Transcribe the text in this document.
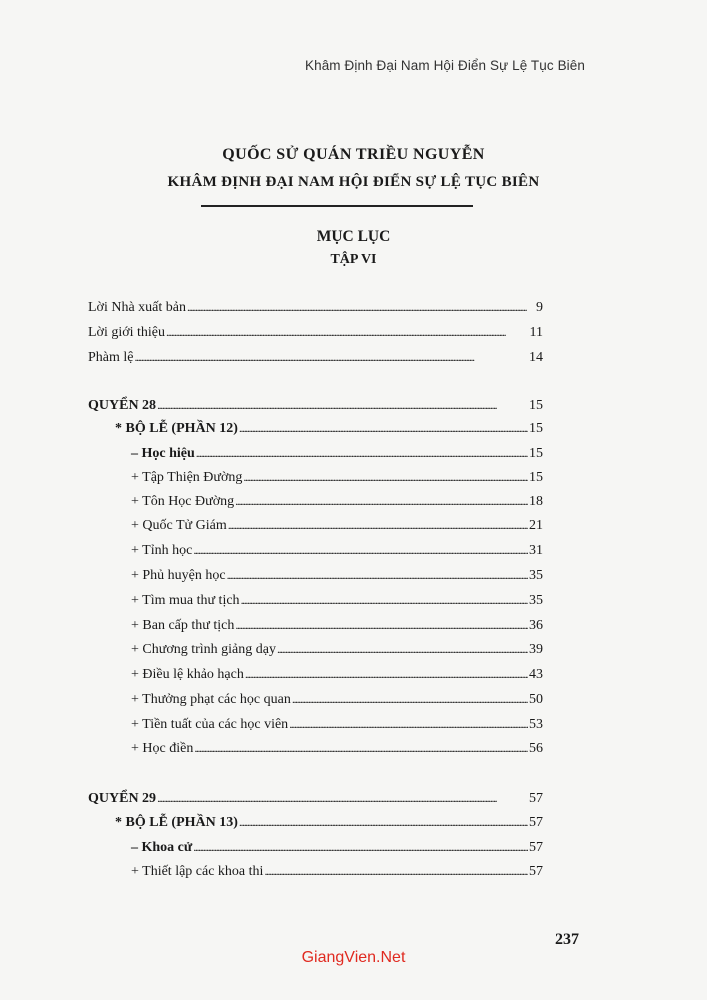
Khâm Định Đại Nam Hội Điển Sự Lệ Tục Biên
QUỐC SỬ QUÁN TRIỀU NGUYỄN
KHÂM ĐỊNH ĐẠI NAM HỘI ĐIỂN SỰ LỆ TỤC BIÊN
MỤC LỤC
TẬP VI
Lời Nhà xuất bản . . .	9
Lời giới thiệu . . .	11
Phàm lệ . . .	14
QUYỂN 28 . . .	15
* BỘ LỄ (PHẦN 12) . . .	15
– Học hiệu . . .	15
+ Tập Thiện Đường . . .	15
+ Tôn Học Đường . . .	18
+ Quốc Tử Giám . . .	21
+ Tỉnh học . . .	31
+ Phủ huyện học . . .	35
+ Tìm mua thư tịch . . .	35
+ Ban cấp thư tịch . . .	36
+ Chương trình giảng dạy . . .	39
+ Điều lệ khảo hạch . . .	43
+ Thưởng phạt các học quan . . .	50
+ Tiền tuất của các học viên . . .	53
+ Học điền . . .	56
QUYỂN 29 . . .	57
* BỘ LỄ (PHẦN 13) . . .	57
– Khoa cử . . .	57
+ Thiết lập các khoa thi . . .	57
237
GiangVien.Net
